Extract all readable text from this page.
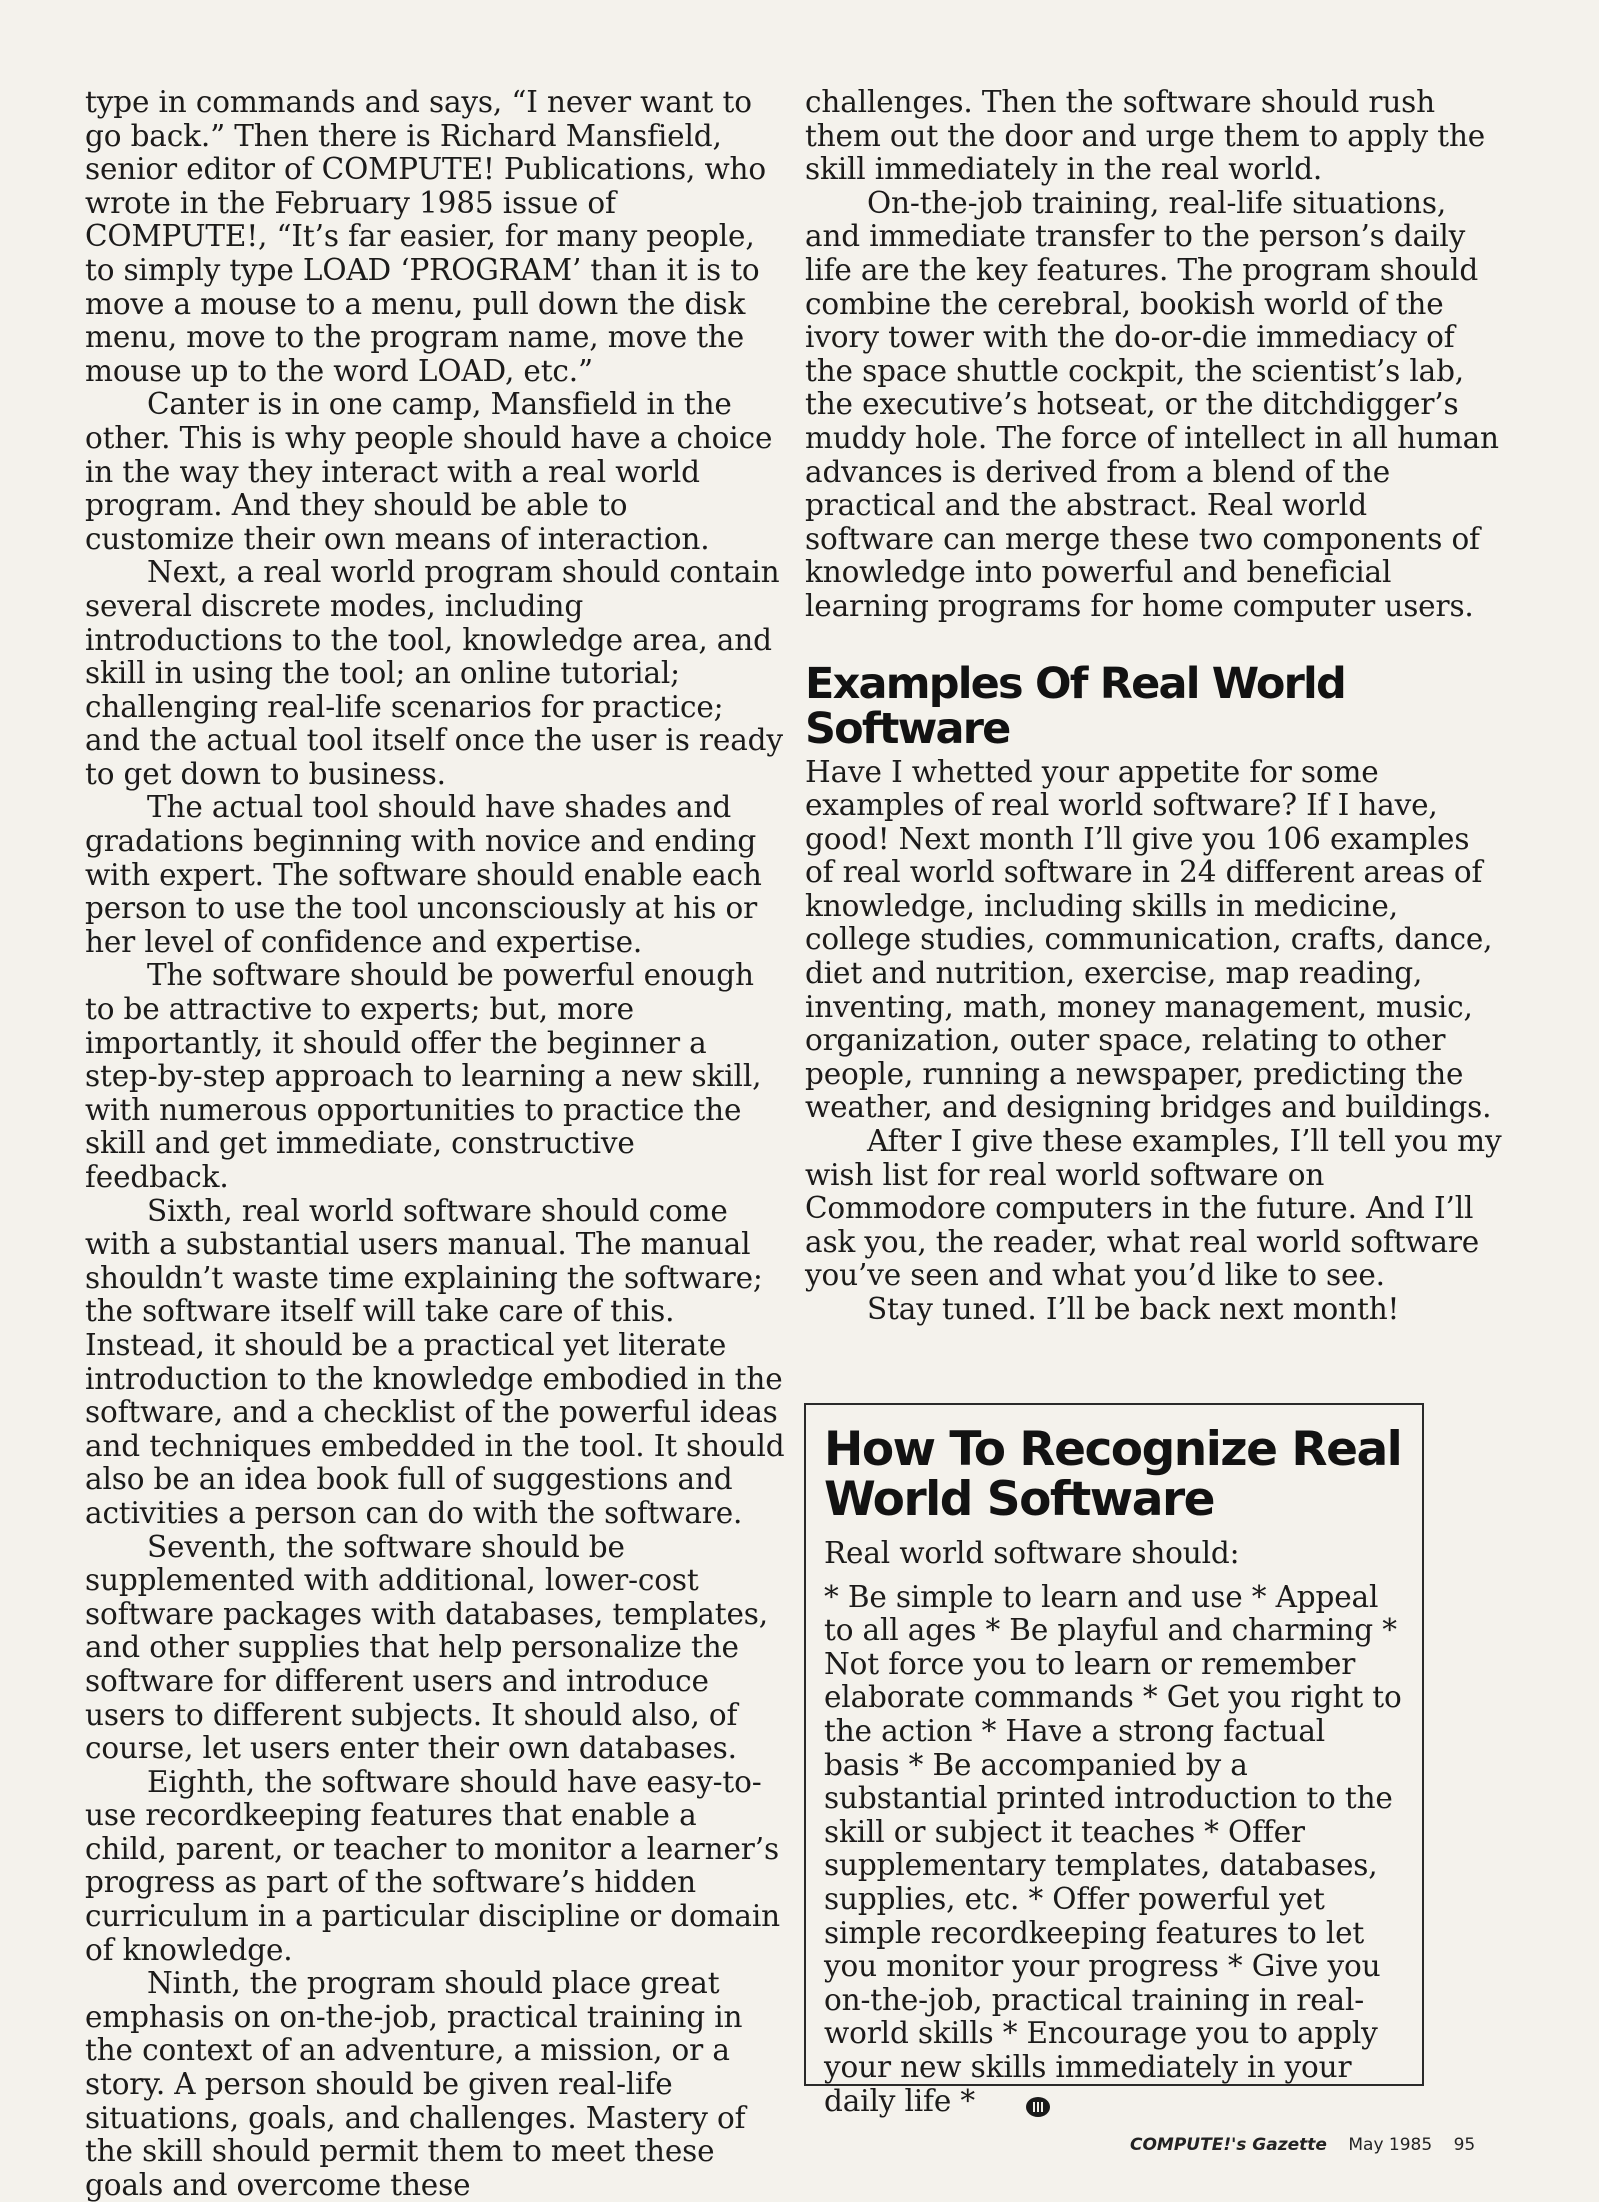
type in commands and says, “I never want to go back.” Then there is Richard Mansfield, senior editor of COMPUTE! Publications, who wrote in the February 1985 issue of COMPUTE!, “It’s far easier, for many people, to simply type LOAD ‘PROGRAM’ than it is to move a mouse to a menu, pull down the disk menu, move to the program name, move the mouse up to the word LOAD, etc.”

Canter is in one camp, Mansfield in the other. This is why people should have a choice in the way they interact with a real world program. And they should be able to customize their own means of interaction.

Next, a real world program should contain several discrete modes, including introductions to the tool, knowledge area, and skill in using the tool; an online tutorial; challenging real-life scenarios for practice; and the actual tool itself once the user is ready to get down to business.

The actual tool should have shades and gradations beginning with novice and ending with expert. The software should enable each person to use the tool unconsciously at his or her level of confidence and expertise.

The software should be powerful enough to be attractive to experts; but, more importantly, it should offer the beginner a step-by-step approach to learning a new skill, with numerous opportunities to practice the skill and get immediate, constructive feedback.

Sixth, real world software should come with a substantial users manual. The manual shouldn’t waste time explaining the software; the software itself will take care of this. Instead, it should be a practical yet literate introduction to the knowledge embodied in the software, and a checklist of the powerful ideas and techniques embedded in the tool. It should also be an idea book full of suggestions and activities a person can do with the software.

Seventh, the software should be supplemented with additional, lower-cost software packages with databases, templates, and other supplies that help personalize the software for different users and introduce users to different subjects. It should also, of course, let users enter their own databases.

Eighth, the software should have easy-to-use recordkeeping features that enable a child, parent, or teacher to monitor a learner’s progress as part of the software’s hidden curriculum in a particular discipline or domain of knowledge.

Ninth, the program should place great emphasis on on-the-job, practical training in the context of an adventure, a mission, or a story. A person should be given real-life situations, goals, and challenges. Mastery of the skill should permit them to meet these goals and overcome these

challenges. Then the software should rush them out the door and urge them to apply the skill immediately in the real world.

On-the-job training, real-life situations, and immediate transfer to the person’s daily life are the key features. The program should combine the cerebral, bookish world of the ivory tower with the do-or-die immediacy of the space shuttle cockpit, the scientist’s lab, the executive’s hotseat, or the ditchdigger’s muddy hole. The force of intellect in all human advances is derived from a blend of the practical and the abstract. Real world software can merge these two components of knowledge into powerful and beneficial learning programs for home computer users.

Examples Of Real World Software

Have I whetted your appetite for some examples of real world software? If I have, good! Next month I’ll give you 106 examples of real world software in 24 different areas of knowledge, including skills in medicine, college studies, communication, crafts, dance, diet and nutrition, exercise, map reading, inventing, math, money management, music, organization, outer space, relating to other people, running a newspaper, predicting the weather, and designing bridges and buildings.

After I give these examples, I’ll tell you my wish list for real world software on Commodore computers in the future. And I’ll ask you, the reader, what real world software you’ve seen and what you’d like to see.

Stay tuned. I’ll be back next month!

How To Recognize Real World Software

Real world software should:

* Be simple to learn and use * Appeal to all ages * Be playful and charming * Not force you to learn or remember elaborate commands * Get you right to the action * Have a strong factual basis * Be accompanied by a substantial printed introduction to the skill or subject it teaches * Offer supplementary templates, databases, supplies, etc. * Offer powerful yet simple recordkeeping features to let you monitor your progress * Give you on-the-job, practical training in real-world skills * Encourage you to apply your new skills immediately in your daily life *

COMPUTE!'s Gazette May 1985 95
